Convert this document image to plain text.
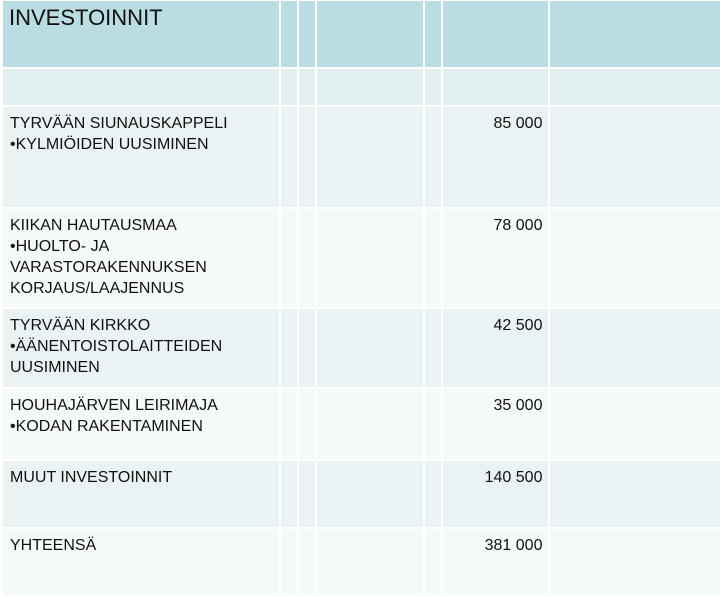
INVESTOINNIT						

TYRVÄÄN SIUNAUSKAPPELI
•KYLMIÖIDEN UUSIMINEN					85 000	

KIIKAN HAUTAUSMAA
•HUOLTO- JA
VARASTORAKENNUKSEN
KORJAUS/LAAJENNUS					78 000	

TYRVÄÄN KIRKKO
•ÄÄNENTOISTOLAITTEIDEN
UUSIMINEN					42 500	

HOUHAJÄRVEN LEIRIMAJA
•KODAN RAKENTAMINEN					35 000	

MUUT INVESTOINNIT					140 500	

YHTEENSÄ					381 000	
